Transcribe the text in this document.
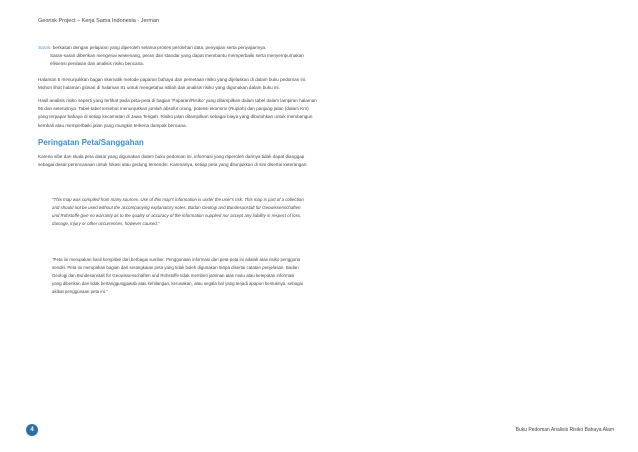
Georisk Project – Kerja Sama Indonesia - Jerman

Saran: berkaitan dengan pelajaran yang diperoleh selama proses perolehan data, penyajian serta penyajiannya.
Saran-saran diberikan mengenai wewenang, peran dan standar yang dapat membantu memperbaiki serta menyempurnakan efisiensi penilaian dan analisis risiko bencana.

Halaman 5 menunjukkan bagan skematik metode paparan bahaya dan pemetaan risiko yang dijelaskan di dalam buku pedoman ini. Mohon lihat halaman glosari di halaman 81 untuk mengetahui istilah dan analisis risiko yang digunakan dalam buku ini.

Hasil analisis risiko seperti yang terlihat pada peta-peta di bagian 'Paparan/Risiko' yang ditampilkan dalam tabel dalam lampiran halaman 66 dan seterusnya. Tabel-tabel tersebut menunjukkan jumlah absolut orang, potensi ekonomi (Rupiah) dan panjang jalan (dalam Km) yang terpapar bahaya di setiap kecamatan di Jawa Tengah. Risiko jalan ditampilkan sebagai biaya yang dibutuhkan untuk membangun kembali atau memperbaiki jalan yang mungkin terkena dampak bencana.

Peringatan Peta/Sanggahan

Karena sifat dan skala peta dasar yang digunakan dalam buku pedoman ini, informasi yang diperoleh darinya tidak dapat dianggap sebagai dasar perencanaan untuk lokasi atau gedung tersendiri. Karenanya, setiap peta yang ditunjukkan di sini disertai keterangan:

"This map was compiled from many sources. Use of this map's information is under the user's risk. This map is part of a collection and should not be used without the accompanying explanatory notes. Badan Geologi and Bundesanstalt für Geowissenschaften und Rohstoffe give no warranty as to the quality or accuracy of the information supplied nor accept any liability in respect of loss, damage, injury or other occurrences, however caused."
"Peta ini merupakan hasil kompilasi dari berbagai sumber. Penggunaan informasi dari peta-peta ini adalah atas risiko pengguna sendiri. Peta ini merupakan bagian dari serangkaian peta yang tidak boleh digunakan tanpa disertai catatan penjelasan. Badan Geologi dan Bundesanstalt für Geowissenschaften und Rohstoffe tidak memberi jaminan atas mutu atau ketepatan informasi yang diberikan dan tidak bertanggungjawab atas kehilangan, kerusakan, atau segala hal yang terjadi apapun bentuknya, sebagai akibat penggunaan peta ini."
4	Buku Pedoman Analisis Risiko Bahaya Alam
